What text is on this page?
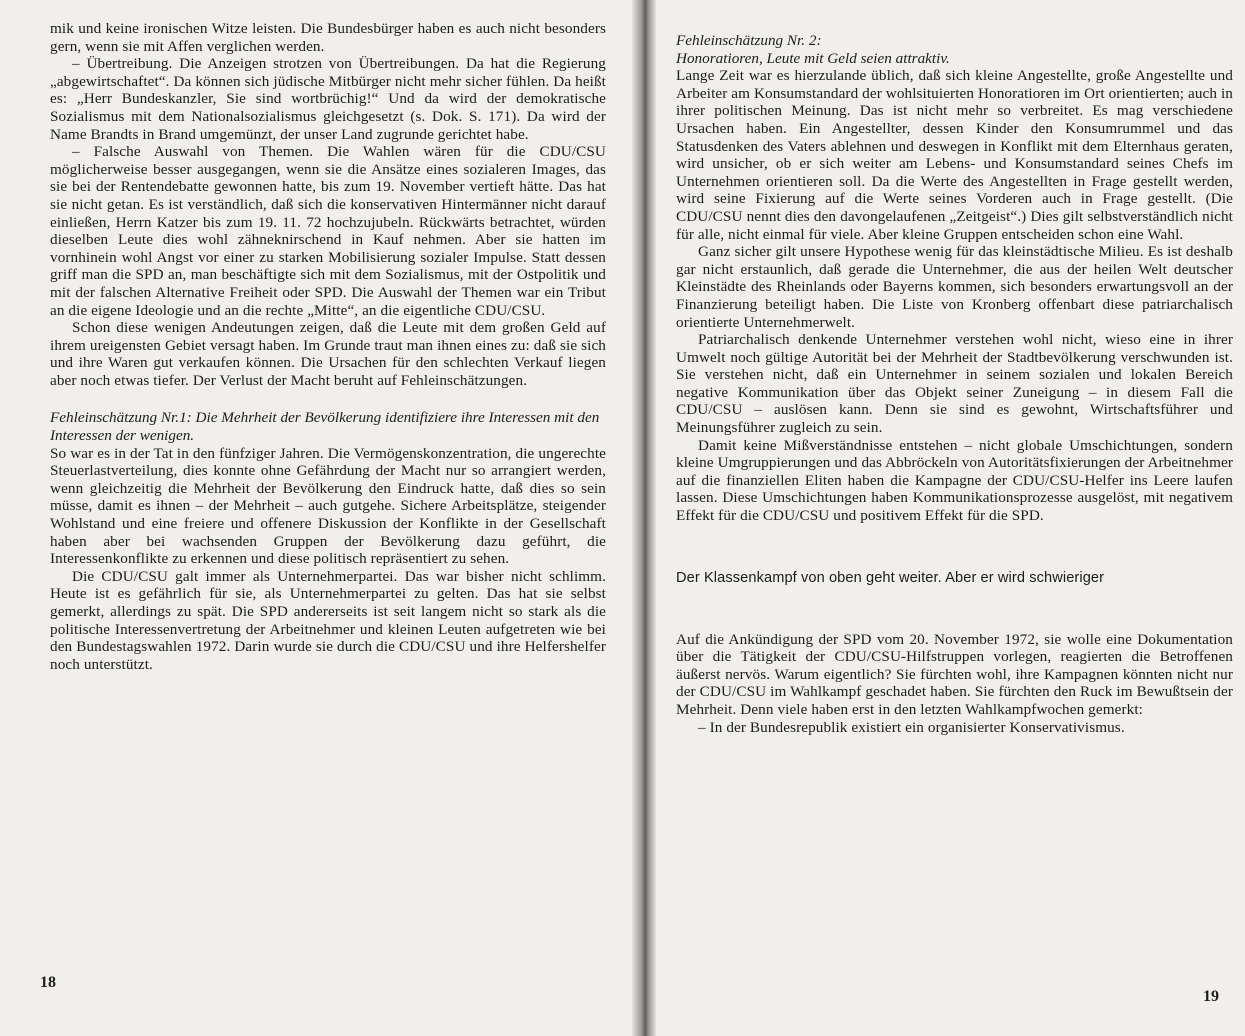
mik und keine ironischen Witze leisten. Die Bundesbürger haben es auch nicht besonders gern, wenn sie mit Affen verglichen werden.

– Übertreibung. Die Anzeigen strotzen von Übertreibungen. Da hat die Regierung „abgewirtschaftet“. Da können sich jüdische Mitbürger nicht mehr sicher fühlen. Da heißt es: „Herr Bundeskanzler, Sie sind wortbrüchig!“ Und da wird der demokratische Sozialismus mit dem Nationalsozialismus gleichgesetzt (s. Dok. S. 171). Da wird der Name Brandts in Brand umgemünzt, der unser Land zugrunde gerichtet habe.

– Falsche Auswahl von Themen. Die Wahlen wären für die CDU/CSU möglicherweise besser ausgegangen, wenn sie die Ansätze eines sozialeren Images, das sie bei der Rentendebatte gewonnen hatte, bis zum 19. November vertieft hätte. Das hat sie nicht getan. Es ist verständlich, daß sich die konservativen Hintermänner nicht darauf einließen, Herrn Katzer bis zum 19. 11. 72 hochzujubeln. Rückwärts betrachtet, würden dieselben Leute dies wohl zähneknirschend in Kauf nehmen. Aber sie hatten im vornhinein wohl Angst vor einer zu starken Mobilisierung sozialer Impulse. Statt dessen griff man die SPD an, man beschäftigte sich mit dem Sozialismus, mit der Ostpolitik und mit der falschen Alternative Freiheit oder SPD. Die Auswahl der Themen war ein Tribut an die eigene Ideologie und an die rechte „Mitte“, an die eigentliche CDU/CSU.

Schon diese wenigen Andeutungen zeigen, daß die Leute mit dem großen Geld auf ihrem ureigensten Gebiet versagt haben. Im Grunde traut man ihnen eines zu: daß sie sich und ihre Waren gut verkaufen können. Die Ursachen für den schlechten Verkauf liegen aber noch etwas tiefer. Der Verlust der Macht beruht auf Fehleinschätzungen.

Fehleinschätzung Nr.1: Die Mehrheit der Bevölkerung identifiziere ihre Interessen mit den Interessen der wenigen.

So war es in der Tat in den fünfziger Jahren. Die Vermögenskonzentration, die ungerechte Steuerlastverteilung, dies konnte ohne Gefährdung der Macht nur so arrangiert werden, wenn gleichzeitig die Mehrheit der Bevölkerung den Eindruck hatte, daß dies so sein müsse, damit es ihnen – der Mehrheit – auch gutgehe. Sichere Arbeitsplätze, steigender Wohlstand und eine freiere und offenere Diskussion der Konflikte in der Gesellschaft haben aber bei wachsenden Gruppen der Bevölkerung dazu geführt, die Interessenkonflikte zu erkennen und diese politisch repräsentiert zu sehen.

Die CDU/CSU galt immer als Unternehmerpartei. Das war bisher nicht schlimm. Heute ist es gefährlich für sie, als Unternehmerpartei zu gelten. Das hat sie selbst gemerkt, allerdings zu spät. Die SPD andererseits ist seit langem nicht so stark als die politische Interessenvertretung der Arbeitnehmer und kleinen Leuten aufgetreten wie bei den Bundestagswahlen 1972. Darin wurde sie durch die CDU/CSU und ihre Helfershelfer noch unterstützt.

18
Fehleinschätzung Nr. 2:
Honoratioren, Leute mit Geld seien attraktiv.

Lange Zeit war es hierzulande üblich, daß sich kleine Angestellte, große Angestellte und Arbeiter am Konsumstandard der wohlsituierten Honoratioren im Ort orientierten; auch in ihrer politischen Meinung. Das ist nicht mehr so verbreitet. Es mag verschiedene Ursachen haben. Ein Angestellter, dessen Kinder den Konsumrummel und das Statusdenken des Vaters ablehnen und deswegen in Konflikt mit dem Elternhaus geraten, wird unsicher, ob er sich weiter am Lebens- und Konsumstandard seines Chefs im Unternehmen orientieren soll. Da die Werte des Angestellten in Frage gestellt werden, wird seine Fixierung auf die Werte seines Vorderen auch in Frage gestellt. (Die CDU/CSU nennt dies den davongelaufenen „Zeitgeist“.) Dies gilt selbstverständlich nicht für alle, nicht einmal für viele. Aber kleine Gruppen entscheiden schon eine Wahl.

Ganz sicher gilt unsere Hypothese wenig für das kleinstädtische Milieu. Es ist deshalb gar nicht erstaunlich, daß gerade die Unternehmer, die aus der heilen Welt deutscher Kleinstädte des Rheinlands oder Bayerns kommen, sich besonders erwartungsvoll an der Finanzierung beteiligt haben. Die Liste von Kronberg offenbart diese patriarchalisch orientierte Unternehmerwelt.

Patriarchalisch denkende Unternehmer verstehen wohl nicht, wieso eine in ihrer Umwelt noch gültige Autorität bei der Mehrheit der Stadtbevölkerung verschwunden ist. Sie verstehen nicht, daß ein Unternehmer in seinem sozialen und lokalen Bereich negative Kommunikation über das Objekt seiner Zuneigung – in diesem Fall die CDU/CSU – auslösen kann. Denn sie sind es gewohnt, Wirtschaftsführer und Meinungsführer zugleich zu sein.

Damit keine Mißverständnisse entstehen – nicht globale Umschichtungen, sondern kleine Umgruppierungen und das Abbröckeln von Autoritätsfixierungen der Arbeitnehmer auf die finanziellen Eliten haben die Kampagne der CDU/CSU-Helfer ins Leere laufen lassen. Diese Umschichtungen haben Kommunikationsprozesse ausgelöst, mit negativem Effekt für die CDU/CSU und positivem Effekt für die SPD.

Der Klassenkampf von oben geht weiter. Aber er wird schwieriger

Auf die Ankündigung der SPD vom 20. November 1972, sie wolle eine Dokumentation über die Tätigkeit der CDU/CSU-Hilfstruppen vorlegen, reagierten die Betroffenen äußerst nervös. Warum eigentlich? Sie fürchten wohl, ihre Kampagnen könnten nicht nur der CDU/CSU im Wahlkampf geschadet haben. Sie fürchten den Ruck im Bewußtsein der Mehrheit. Denn viele haben erst in den letzten Wahlkampfwochen gemerkt:

– In der Bundesrepublik existiert ein organisierter Konservativismus.

19
